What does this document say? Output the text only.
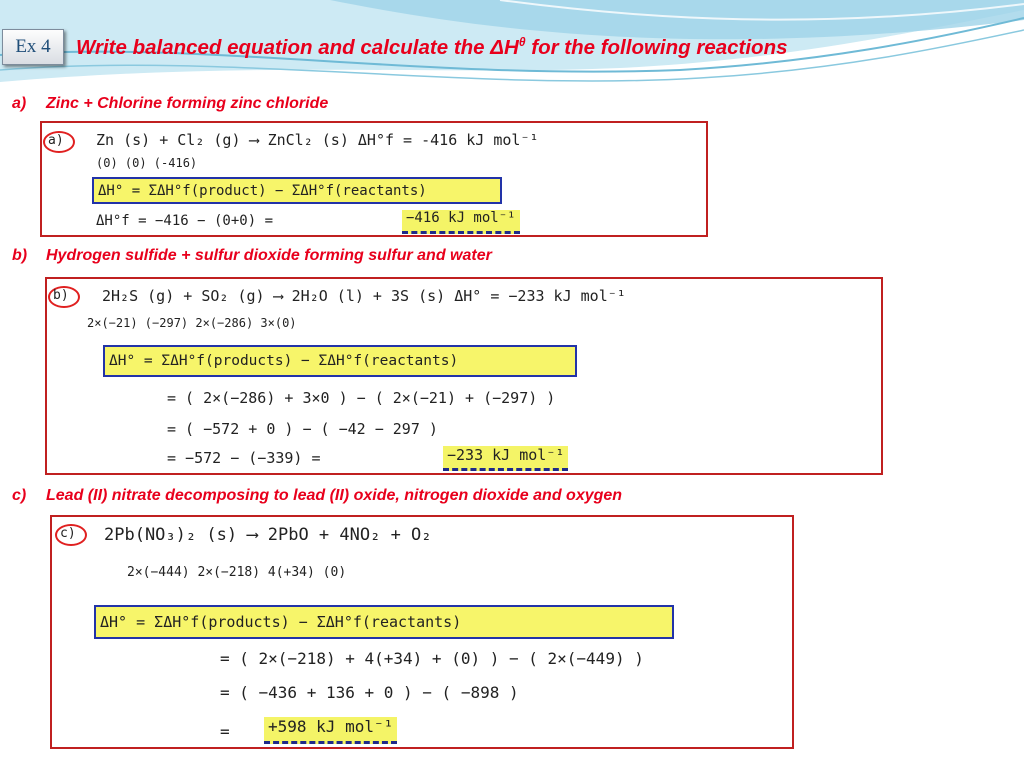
Ex 4	Write balanced equation and calculate the $\Delta H^\theta$ for the following reactions
a) Zinc + Chlorine forming zinc chloride
a) Zn (s) + Cl₂ (g) ⟶ ZnCl₂ (s) ΔH°f = -416 kJ mol⁻¹
(0) (0) (-416)
ΔH° = ΣΔH°f(product) − ΣΔH°f(reactants)
ΔH°f = −416 − (0+0) =	−416 kJ mol⁻¹
b) Hydrogen sulfide + sulfur dioxide forming sulfur and water
b) 2H₂S (g) + SO₂ (g) ⟶ 2H₂O (l) + 3S (s) ΔH° = −233 kJ mol⁻¹
2×(−21) (−297) 2×(−286) 3×(0)
ΔH° = ΣΔH°f(products) − ΣΔH°f(reactants)
= ( 2×(−286) + 3×0 ) − ( 2×(−21) + (−297) )
= ( −572 + 0 ) − ( −42 − 297 )
= −572 − (−339) =	−233 kJ mol⁻¹
c) Lead (II) nitrate decomposing to lead (II) oxide, nitrogen dioxide and oxygen
c) 2Pb(NO₃)₂ (s) ⟶ 2PbO + 4NO₂ + O₂
2×(−444) 2×(−218) 4(+34) (0)
ΔH° = ΣΔH°f(products) − ΣΔH°f(reactants)
= ( 2×(−218) + 4(+34) + (0) ) − ( 2×(−449) )
= ( −436 + 136 + 0 ) − ( −898 )
= +598 kJ mol⁻¹
